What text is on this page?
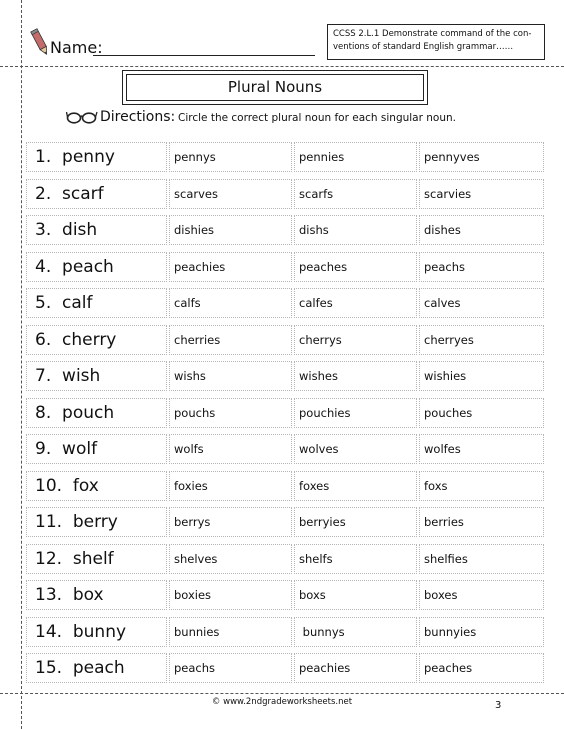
Name:
CCSS 2.L.1 Demonstrate command of the con-
ventions of standard English grammar……
Plural Nouns
Directions: Circle the correct plural noun for each singular noun.
1. penny	pennys	pennies	pennyves
2. scarf	scarves	scarfs	scarvies
3. dish	dishies	dishs	dishes
4. peach	peachies	peaches	peachs
5. calf	calfs	calfes	calves
6. cherry	cherries	cherrys	cherryes
7. wish	wishs	wishes	wishies
8. pouch	pouchs	pouchies	pouches
9. wolf	wolfs	wolves	wolfes
10. fox	foxies	foxes	foxs
11. berry	berrys	berryies	berries
12. shelf	shelves	shelfs	shelfies
13. box	boxies	boxs	boxes
14. bunny	bunnies	bunnys	bunnyies
15. peach	peachs	peachies	peaches
© www.2ndgradeworksheets.net	3
